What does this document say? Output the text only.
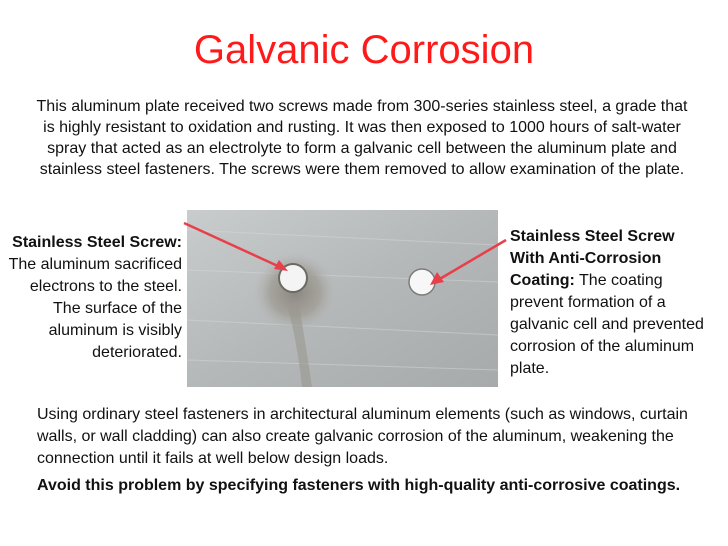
Galvanic Corrosion
This aluminum plate received two screws made from 300-series stainless steel, a grade that is highly resistant to oxidation and rusting. It was then exposed to 1000 hours of salt-water spray that acted as an electrolyte to form a galvanic cell between the aluminum plate and stainless steel fasteners. The screws were them removed to allow examination of the plate.
Stainless Steel Screw: The aluminum sacrificed electrons to the steel. The surface of the aluminum is visibly deteriorated.
Stainless Steel Screw With Anti-Corrosion Coating: The coating prevent formation of a galvanic cell and prevented corrosion of the aluminum plate.
Using ordinary steel fasteners in architectural aluminum elements (such as windows, curtain walls, or wall cladding) can also create galvanic corrosion of the aluminum, weakening the connection until it fails at well below design loads.
Avoid this problem by specifying fasteners with high-quality anti-corrosive coatings.
